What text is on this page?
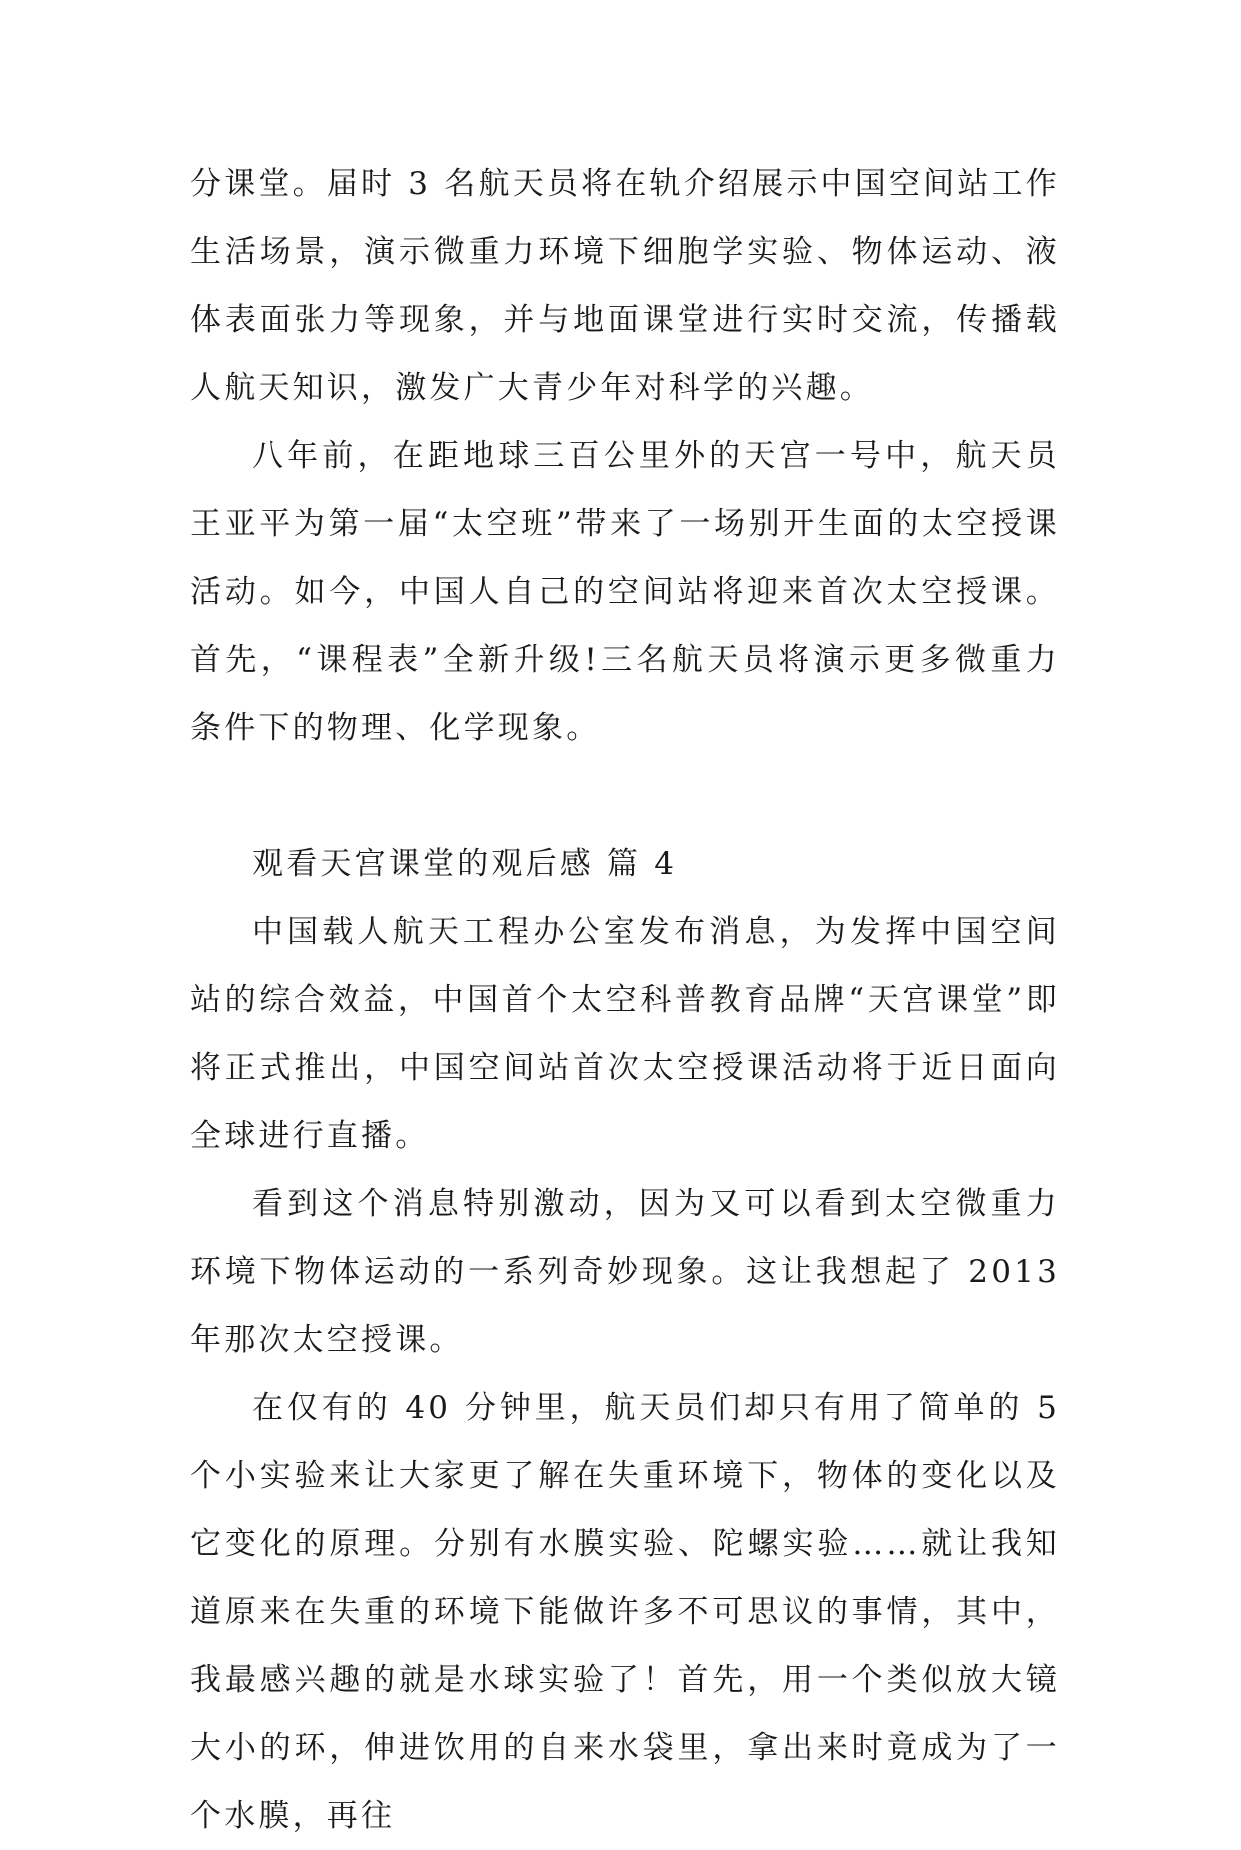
分课堂。届时 3 名航天员将在轨介绍展示中国空间站工作生活场景，演示微重力环境下细胞学实验、物体运动、液体表面张力等现象，并与地面课堂进行实时交流，传播载人航天知识，激发广大青少年对科学的兴趣。

八年前，在距地球三百公里外的天宫一号中，航天员王亚平为第一届“太空班”带来了一场别开生面的太空授课活动。如今，中国人自己的空间站将迎来首次太空授课。首先，“课程表”全新升级!三名航天员将演示更多微重力条件下的物理、化学现象。

观看天宫课堂的观后感 篇 4

中国载人航天工程办公室发布消息，为发挥中国空间站的综合效益，中国首个太空科普教育品牌“天宫课堂”即将正式推出，中国空间站首次太空授课活动将于近日面向全球进行直播。

看到这个消息特别激动，因为又可以看到太空微重力环境下物体运动的一系列奇妙现象。这让我想起了 2013 年那次太空授课。

在仅有的 40 分钟里，航天员们却只有用了简单的 5 个小实验来让大家更了解在失重环境下，物体的变化以及它变化的原理。分别有水膜实验、陀螺实验……就让我知道原来在失重的环境下能做许多不可思议的事情，其中，我最感兴趣的就是水球实验了！首先，用一个类似放大镜大小的环，伸进饮用的自来水袋里，拿出来时竟成为了一个水膜，再往
